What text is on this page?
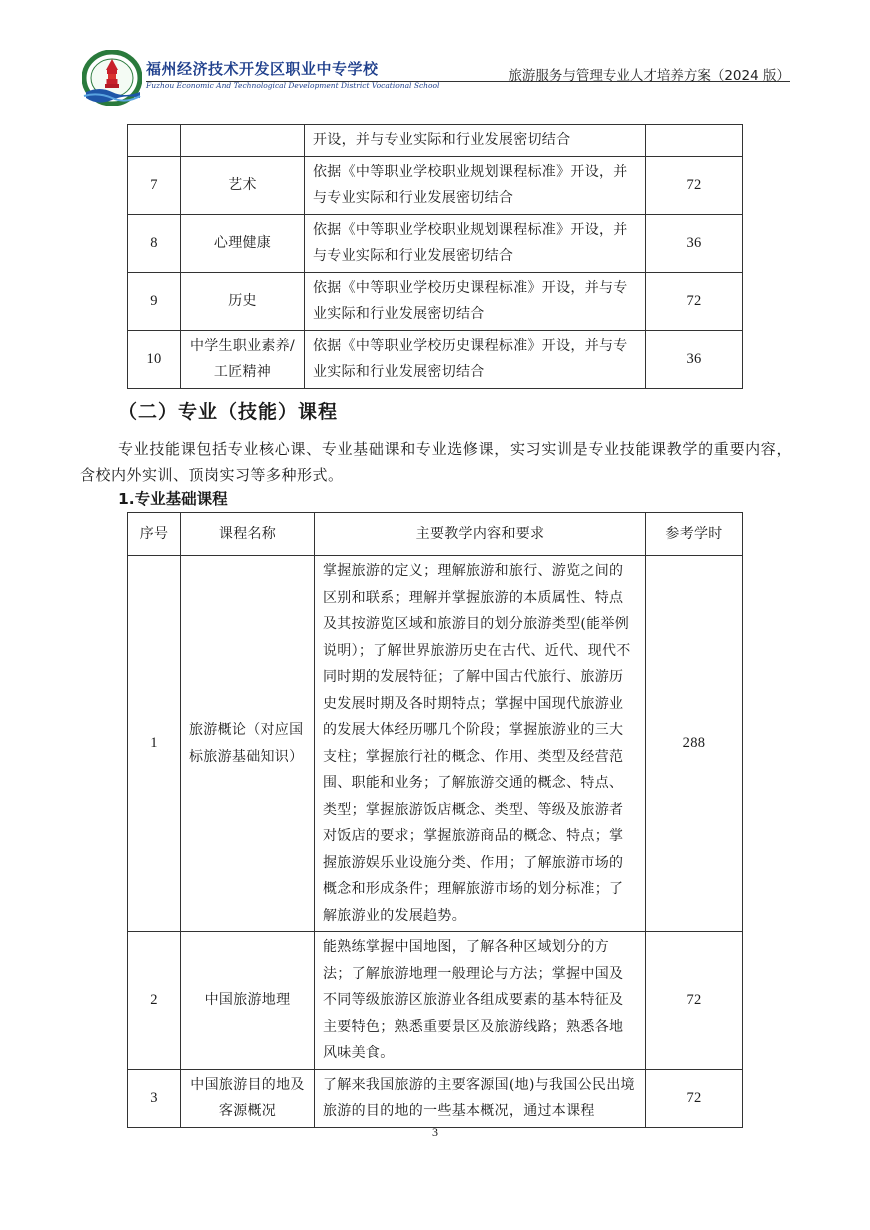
福州经济技术开发区职业中专学校
Fuzhou Economic And Technological Development District Vocational School
旅游服务与管理专业人才培养方案（2024 版）
		开设，并与专业实际和行业发展密切结合	
7	艺术	依据《中等职业学校职业规划课程标准》开设，并与专业实际和行业发展密切结合	72
8	心理健康	依据《中等职业学校职业规划课程标准》开设，并与专业实际和行业发展密切结合	36
9	历史	依据《中等职业学校历史课程标准》开设，并与专业实际和行业发展密切结合	72
10	中学生职业素养/工匠精神	依据《中等职业学校历史课程标准》开设，并与专业实际和行业发展密切结合	36
（二）专业（技能）课程
专业技能课包括专业核心课、专业基础课和专业选修课，实习实训是专业技能课教学的重要内容，含校内外实训、顶岗实习等多种形式。
1.专业基础课程
序号	课程名称	主要教学内容和要求	参考学时
1	旅游概论（对应国标旅游基础知识）	掌握旅游的定义；理解旅游和旅行、游览之间的区别和联系；理解并掌握旅游的本质属性、特点及其按游览区域和旅游目的划分旅游类型(能举例说明）；了解世界旅游历史在古代、近代、现代不同时期的发展特征；了解中国古代旅行、旅游历史发展时期及各时期特点；掌握中国现代旅游业的发展大体经历哪几个阶段；掌握旅游业的三大支柱；掌握旅行社的概念、作用、类型及经营范围、职能和业务；了解旅游交通的概念、特点、类型；掌握旅游饭店概念、类型、等级及旅游者对饭店的要求；掌握旅游商品的概念、特点；掌握旅游娱乐业设施分类、作用；了解旅游市场的概念和形成条件；理解旅游市场的划分标准；了解旅游业的发展趋势。	288
2	中国旅游地理	能熟练掌握中国地图，了解各种区域划分的方法；了解旅游地理一般理论与方法；掌握中国及不同等级旅游区旅游业各组成要素的基本特征及主要特色；熟悉重要景区及旅游线路；熟悉各地风味美食。	72
3	中国旅游目的地及客源概况	了解来我国旅游的主要客源国(地)与我国公民出境旅游的目的地的一些基本概况，通过本课程	72
3
